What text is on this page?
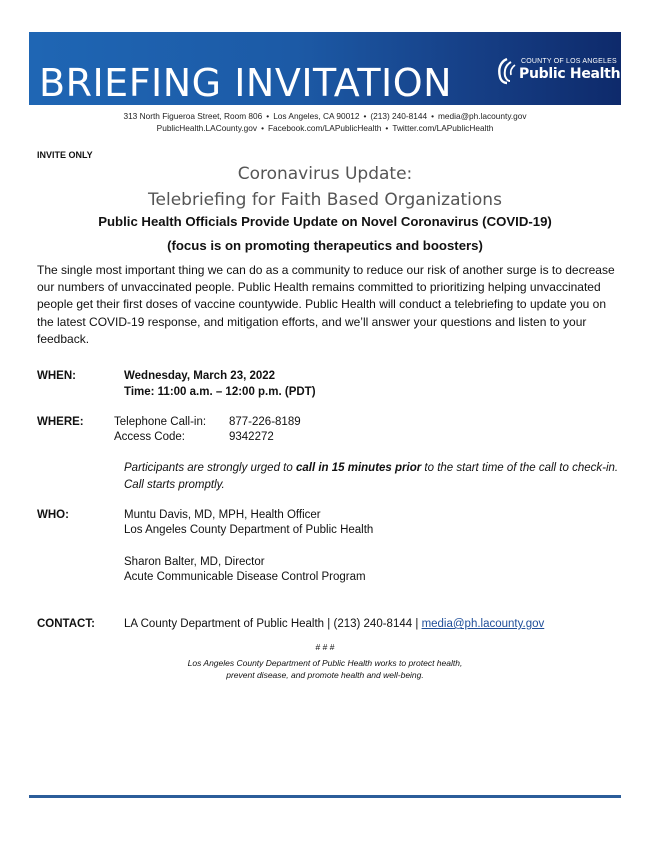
BRIEFING INVITATION	COUNTY OF LOS ANGELES
Public Health
313 North Figueroa Street, Room 806 • Los Angeles, CA 90012 • (213) 240-8144 • media@ph.lacounty.gov
PublicHealth.LACounty.gov • Facebook.com/LAPublicHealth • Twitter.com/LAPublicHealth
INVITE ONLY
Coronavirus Update:
Telebriefing for Faith Based Organizations
Public Health Officials Provide Update on Novel Coronavirus (COVID-19)
(focus is on promoting therapeutics and boosters)
The single most important thing we can do as a community to reduce our risk of another surge is to decrease our numbers of unvaccinated people. Public Health remains committed to prioritizing helping unvaccinated people get their first doses of vaccine countywide. Public Health will conduct a telebriefing to update you on the latest COVID-19 response, and mitigation efforts, and we’ll answer your questions and listen to your feedback.
WHEN:	Wednesday, March 23, 2022
Time: 11:00 a.m. – 12:00 p.m. (PDT)
WHERE:	Telephone Call-in: 877-226-8189
Access Code:	9342272
Participants are strongly urged to call in 15 minutes prior to the start time of the call to check-in. Call starts promptly.
WHO:	Muntu Davis, MD, MPH, Health Officer
Los Angeles County Department of Public Health
Sharon Balter, MD, Director
Acute Communicable Disease Control Program
CONTACT:	LA County Department of Public Health | (213) 240-8144 | media@ph.lacounty.gov
# # #
Los Angeles County Department of Public Health works to protect health,
prevent disease, and promote health and well-being.
